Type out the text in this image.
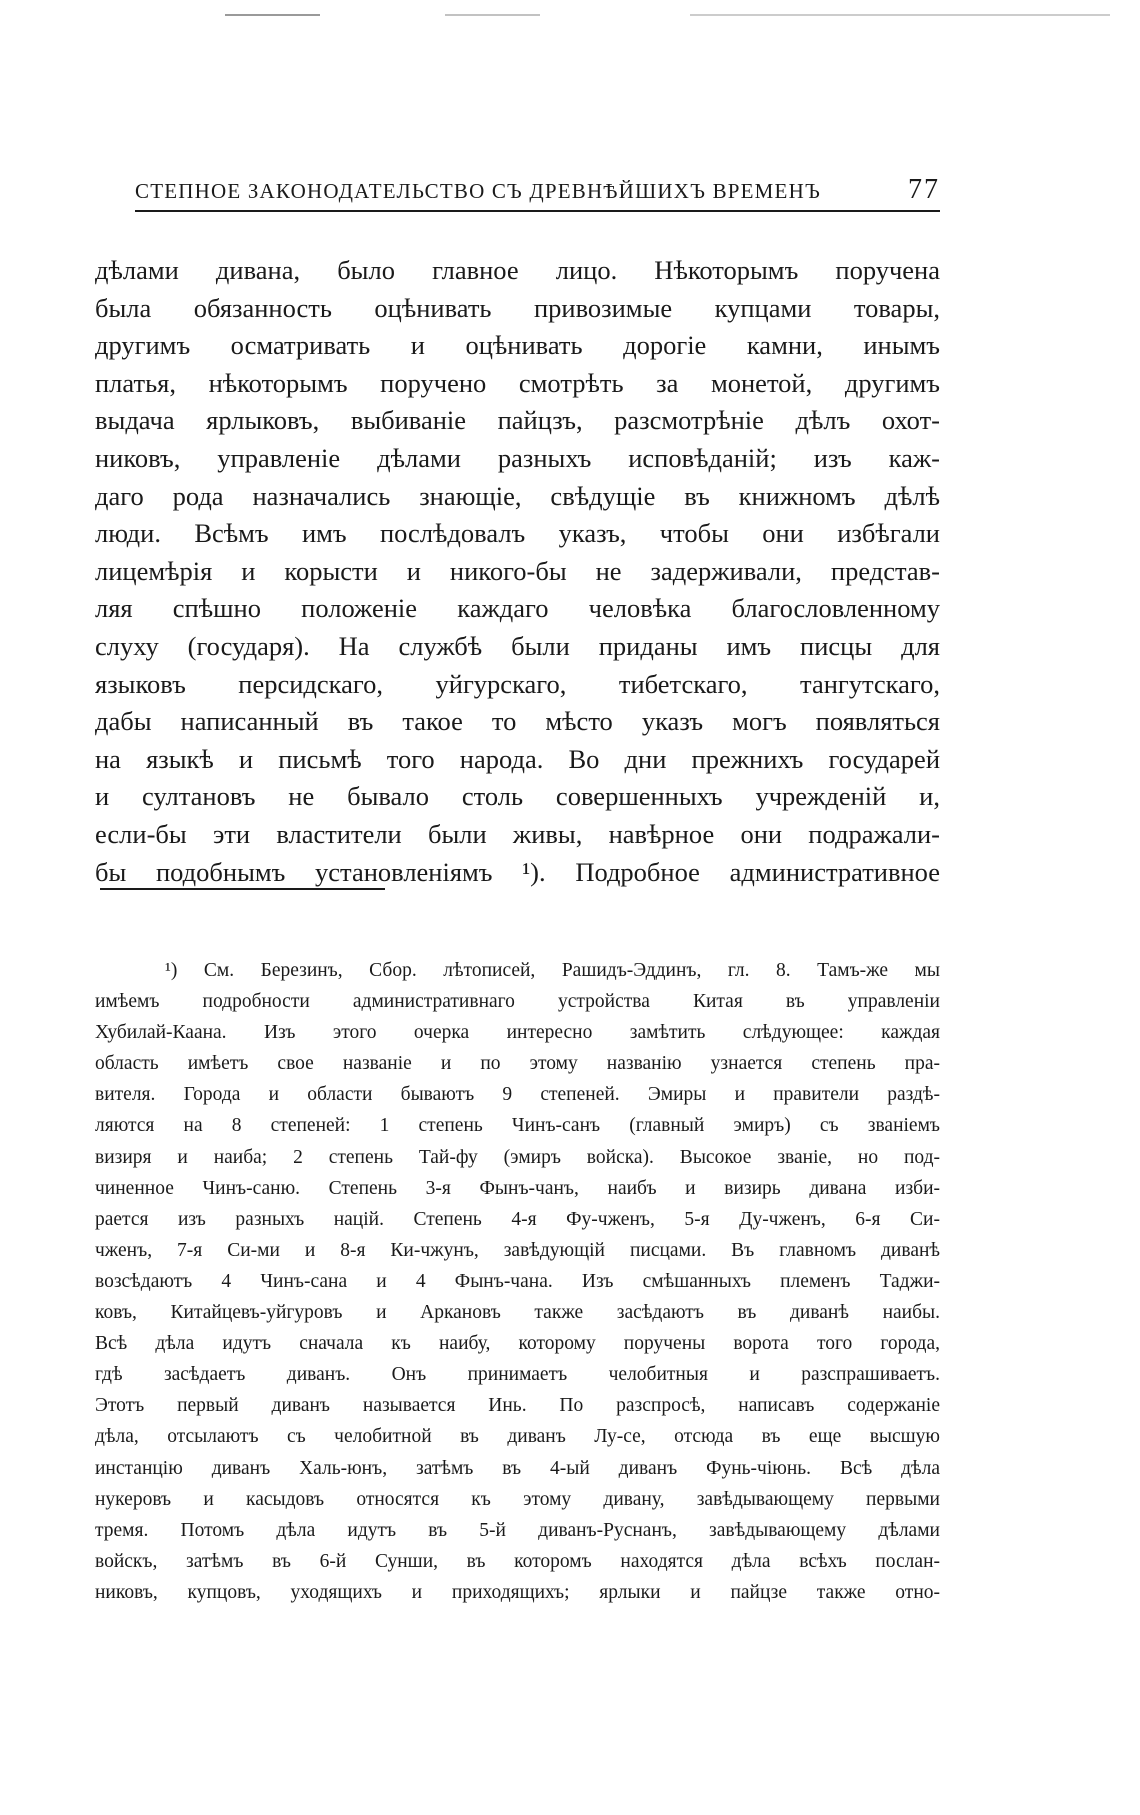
СТЕПНОЕ ЗАКОНОДАТЕЛЬСТВО СЪ ДРЕВНѢЙШИХЪ ВРЕМЕНЪ	77
дѣлами дивана, было главное лицо. Нѣкоторымъ поручена
была обязанность оцѣнивать привозимые купцами товары,
другимъ осматривать и оцѣнивать дорогіе камни, инымъ
платья, нѣкоторымъ поручено смотрѣть за монетой, другимъ
выдача ярлыковъ, выбиваніе пайцзъ, разсмотрѣніе дѣлъ охот-
никовъ, управленіе дѣлами разныхъ исповѣданій; изъ каж-
даго рода назначались знающіе, свѣдущіе въ книжномъ дѣлѣ
люди. Всѣмъ имъ послѣдовалъ указъ, чтобы они избѣгали
лицемѣрія и корысти и никого-бы не задерживали, представ-
ляя спѣшно положеніе каждаго человѣка благословленному
слуху (государя). На службѣ были приданы имъ писцы для
языковъ персидскаго, уйгурскаго, тибетскаго, тангутскаго,
дабы написанный въ такое то мѣсто указъ могъ появляться
на языкѣ и письмѣ того народа. Во дни прежнихъ государей
и султановъ не бывало столь совершенныхъ учрежденій и,
если-бы эти властители были живы, навѣрное они подражали-
бы подобнымъ установленіямъ ¹). Подробное административное
¹) См. Березинъ, Сбор. лѣтописей, Рашидъ-Эддинъ, гл. 8. Тамъ-же мы
имѣемъ подробности административнаго устройства Китая въ управленіи
Хубилай-Каана. Изъ этого очерка интересно замѣтить слѣдующее: каждая
область имѣетъ свое названіе и по этому названію узнается степень пра-
вителя. Города и области бываютъ 9 степеней. Эмиры и правители раздѣ-
ляются на 8 степеней: 1 степень Чинъ-санъ (главный эмиръ) съ званіемъ
визиря и наиба; 2 степень Тай-фу (эмиръ войска). Высокое званіе, но под-
чиненное Чинъ-саню. Степень 3-я Фынъ-чанъ, наибъ и визирь дивана изби-
рается изъ разныхъ націй. Степень 4-я Фу-чженъ, 5-я Ду-чженъ, 6-я Си-
чженъ, 7-я Си-ми и 8-я Ки-чжунъ, завѣдующій писцами. Въ главномъ диванѣ
возсѣдаютъ 4 Чинъ-сана и 4 Фынъ-чана. Изъ смѣшанныхъ племенъ Таджи-
ковъ, Китайцевъ-уйгуровъ и Аркановъ также засѣдаютъ въ диванѣ наибы.
Всѣ дѣла идутъ сначала къ наибу, которому поручены ворота того города,
гдѣ засѣдаетъ диванъ. Онъ принимаетъ челобитныя и разспрашиваетъ.
Этотъ первый диванъ называется Инь. По разспросѣ, написавъ содержаніе
дѣла, отсылаютъ съ челобитной въ диванъ Лу-се, отсюда въ еще высшую
инстанцію диванъ Халь-юнъ, затѣмъ въ 4-ый диванъ Фунь-чіюнь. Всѣ дѣла
нукеровъ и касыдовъ относятся къ этому дивану, завѣдывающему первыми
тремя. Потомъ дѣла идутъ въ 5-й диванъ-Руснанъ, завѣдывающему дѣлами
войскъ, затѣмъ въ 6-й Сунши, въ которомъ находятся дѣла всѣхъ послан-
никовъ, купцовъ, уходящихъ и приходящихъ; ярлыки и пайцзе также отно-
